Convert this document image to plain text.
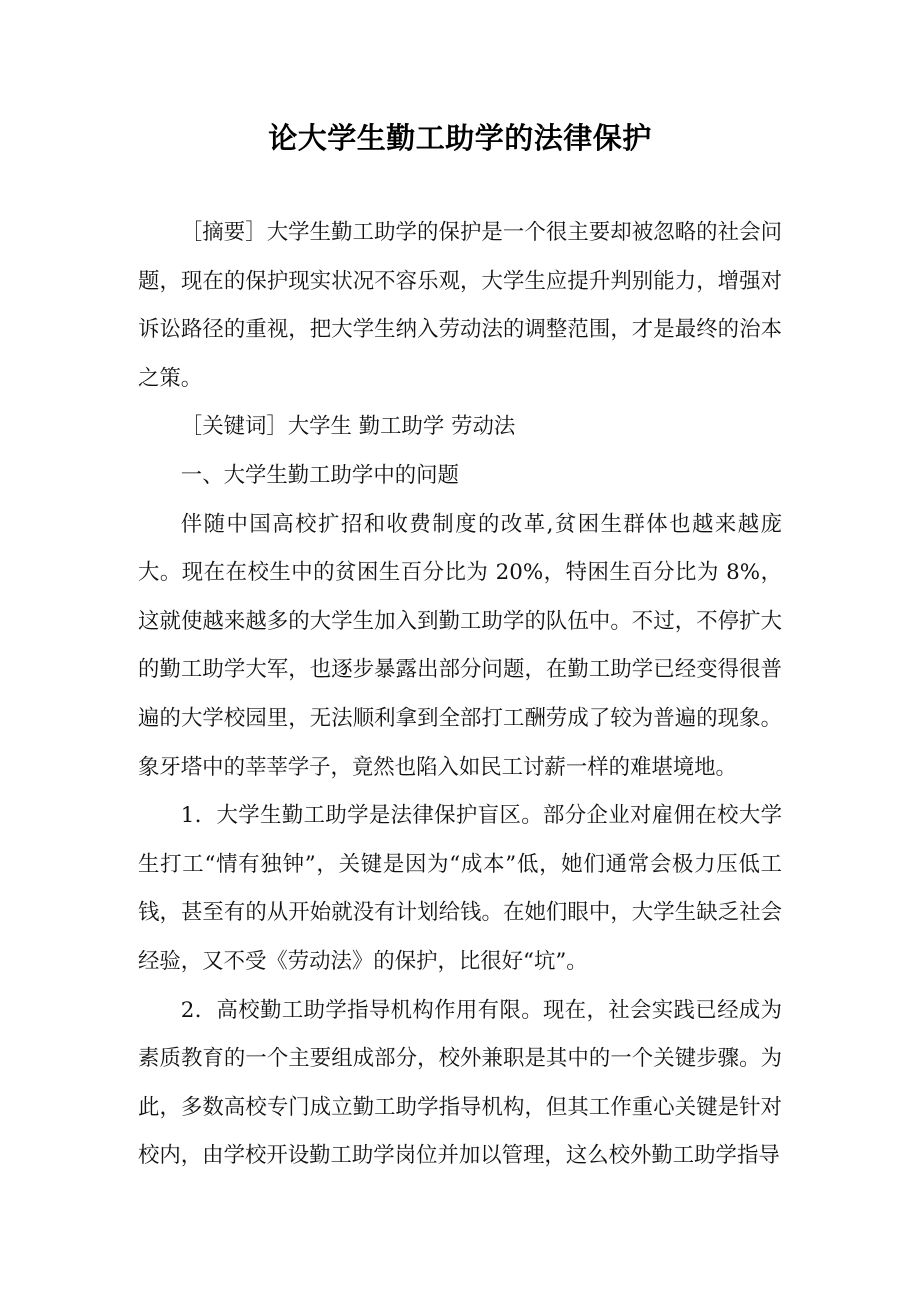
论大学生勤工助学的法律保护

［摘要］大学生勤工助学的保护是一个很主要却被忽略的社会问题，现在的保护现实状况不容乐观，大学生应提升判别能力，增强对诉讼路径的重视，把大学生纳入劳动法的调整范围，才是最终的治本之策。

［关键词］大学生 勤工助学 劳动法

一、大学生勤工助学中的问题

伴随中国高校扩招和收费制度的改革,贫困生群体也越来越庞大。现在在校生中的贫困生百分比为 20%，特困生百分比为 8%，这就使越来越多的大学生加入到勤工助学的队伍中。不过，不停扩大的勤工助学大军，也逐步暴露出部分问题，在勤工助学已经变得很普遍的大学校园里，无法顺利拿到全部打工酬劳成了较为普遍的现象。象牙塔中的莘莘学子，竟然也陷入如民工讨薪一样的难堪境地。

1．大学生勤工助学是法律保护盲区。部分企业对雇佣在校大学生打工“情有独钟”，关键是因为“成本”低，她们通常会极力压低工钱，甚至有的从开始就没有计划给钱。在她们眼中，大学生缺乏社会经验，又不受《劳动法》的保护，比很好“坑”。

2．高校勤工助学指导机构作用有限。现在，社会实践已经成为素质教育的一个主要组成部分，校外兼职是其中的一个关键步骤。为此，多数高校专门成立勤工助学指导机构，但其工作重心关键是针对校内，由学校开设勤工助学岗位并加以管理，这么校外勤工助学指导
